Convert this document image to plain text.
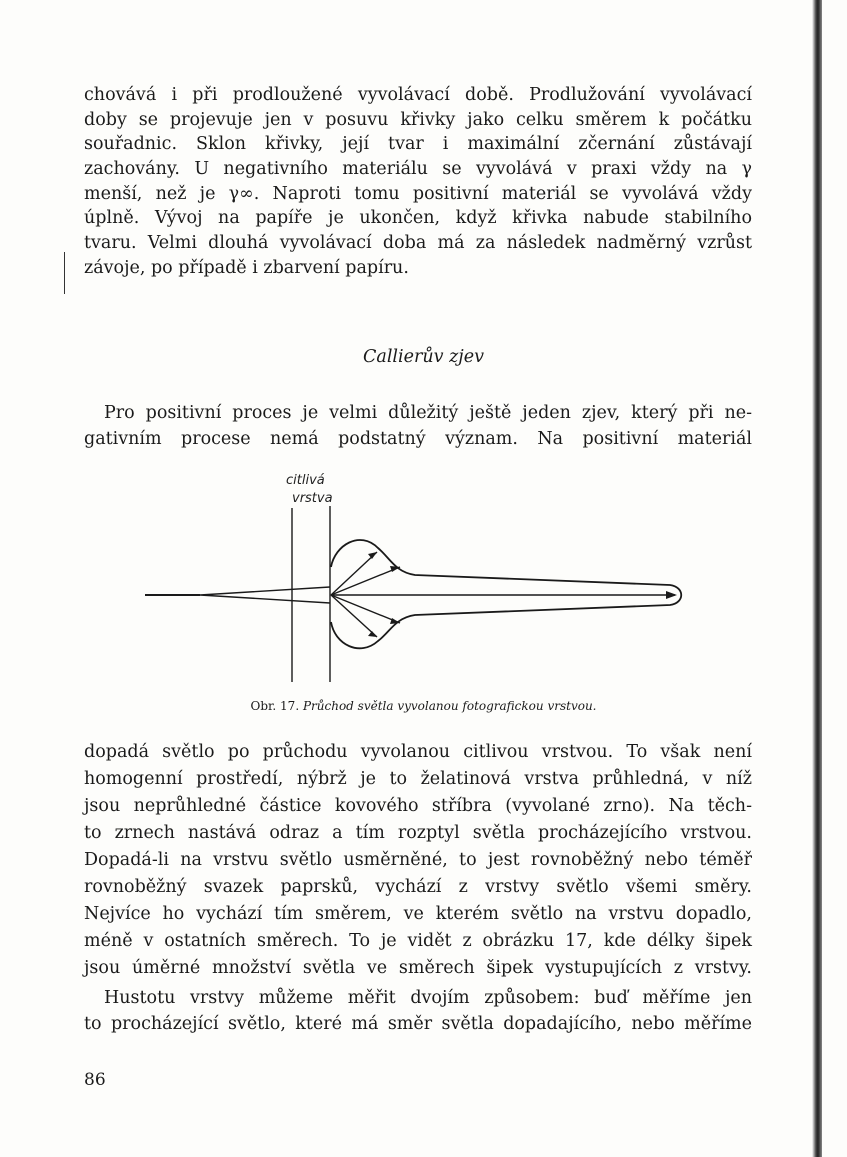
chovává i při prodloužené vyvolávací době. Prodlužování vyvolávací
doby se projevuje jen v posuvu křivky jako celku směrem k počátku
souřadnic. Sklon křivky, její tvar i maximální zčernání zůstávají
zachovány. U negativního materiálu se vyvolává v praxi vždy na γ
menší, než je γ∞. Naproti tomu positivní materiál se vyvolává vždy
úplně. Vývoj na papíře je ukončen, když křivka nabude stabilního
tvaru. Velmi dlouhá vyvolávací doba má za následek nadměrný vzrůst
závoje, po případě i zbarvení papíru.
Callierův zjev
Pro positivní proces je velmi důležitý ještě jeden zjev, který při ne-
gativním procese nemá podstatný význam. Na positivní materiál
citlivá
vrstva
Obr. 17. Průchod světla vyvolanou fotografickou vrstvou.
dopadá světlo po průchodu vyvolanou citlivou vrstvou. To však není
homogenní prostředí, nýbrž je to želatinová vrstva průhledná, v níž
jsou neprůhledné částice kovového stříbra (vyvolané zrno). Na těch-
to zrnech nastává odraz a tím rozptyl světla procházejícího vrstvou.
Dopadá-li na vrstvu světlo usměrněné, to jest rovnoběžný nebo téměř
rovnoběžný svazek paprsků, vychází z vrstvy světlo všemi směry.
Nejvíce ho vychází tím směrem, ve kterém světlo na vrstvu dopadlo,
méně v ostatních směrech. To je vidět z obrázku 17, kde délky šipek
jsou úměrné množství světla ve směrech šipek vystupujících z vrstvy.
Hustotu vrstvy můžeme měřit dvojím způsobem: buď měříme jen
to procházející světlo, které má směr světla dopadajícího, nebo měříme
86
